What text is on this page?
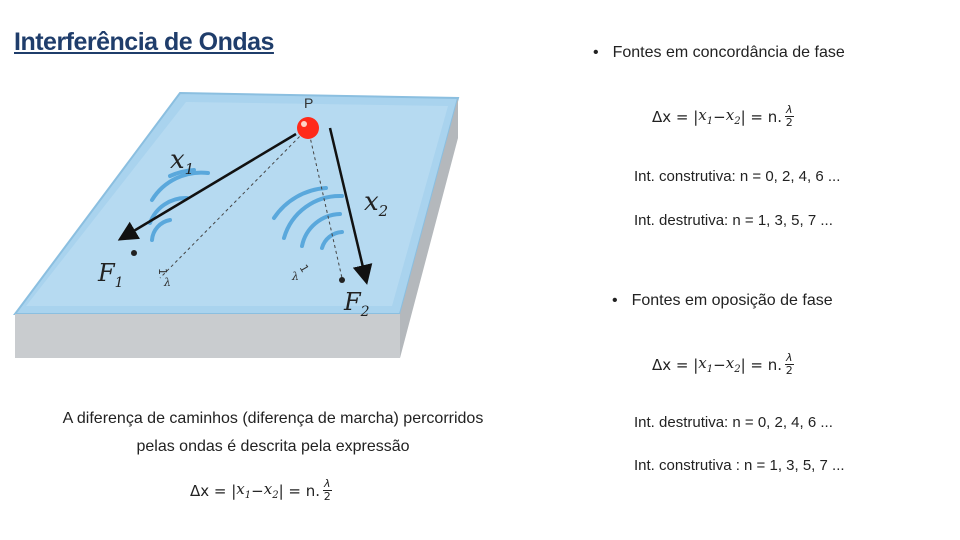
Interferência de Ondas
P
$x_1$
$x_2$
$F_1$
$F_2$
1
λ
1
λ
• Fontes em concordância de fase
Δx = | $x_1 - x_2$ | = n. $\frac{\lambda}{2}$
Int. construtiva: n = 0, 2, 4, 6 ...
Int. destrutiva: n = 1, 3, 5, 7 ...
• Fontes em oposição de fase
Δx = | $x_1 - x_2$ | = n. $\frac{\lambda}{2}$
Int. destrutiva: n = 0, 2, 4, 6 ...
Int. construtiva : n = 1, 3, 5, 7 ...
A diferença de caminhos (diferença de marcha) percorridos
pelas ondas é descrita pela expressão
Δx = | $x_1 - x_2$ | = n. $\frac{\lambda}{2}$
